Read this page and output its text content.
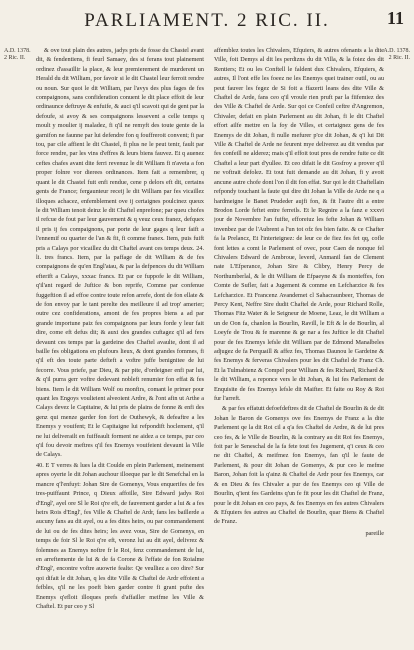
PARLIAMENT. 2 RIC. II.	11
A.D. 1378. 2 Ric. II.
A.D. 1378. 2 Ric. II.

& ove tout plain des autres, jadys pris de fosse du Chastel avant dit, & fendentiens, fi feurl Samaey, des si ferans tout plainement ordinez d'assaillir la place, & leur premierement de murderent un Herald du dit William, por favoir si le dit Chastel leur ferroit rendre ou noun. Sur quoi le dit William, par l'avys des plus fages de fes compaignons, sans confideration conuent le dit place effoit de leur ordinaunce deftruye & enfuife, & auci q'il scavoit qui de gent par la defoufe, si avoy & ses compaignons lessevent a celle temps q moult y moulier ij maladez, fi q'il ne remyft des toute gente de la garnifon ne faunne par lui defendre fon q fouffreroit convent; fi par tou, par cile affient le dit Chastel, fi plus ne le peut tenir, fault par force rendre, par les vins d'effres & leurs biens fauvez. Et q auenez ceftes chafes avant dite ferri revenuz le dit William fi n'aveta a fon proper folnre vor dierees ordinances. Item fait a remembrer, q quant le dit Chastel fuit enfi rendue, cene p delors eft dit, certains gents de France; fergaunteur receij le dit William par fes vicaillez illoques achacez, enfemblement ove ij certaignes poulcinez queux le dit William tenoit deinz le dit Chaftel enprefone; par queu chofes il refcue de fout par leur gauvement & q veuz ceux franez, defquex il pris ij fes compaignons, par porte de leur gages q leur faift a l'ennemif ou quarter de l'an & fit, fi comme franex. Item, puis fuift pris a Calays por vicaillez du dit Chaftel avant ces temps deux. 24. li. tres francs. Item, par la paffage de dit William & de fes compaignons de qu'en Engl'atau, & par la defpences du dit William efterift a Calays, xxxac francs. Et par ce fuppofe le dit William, q'il'ant regard de Juftice & bon reprife, Comme par confenue fuggeftion il ad effoe contre toute refon arrefe, dont de fon ellate & de fon envoy par le tant perelte des meilleure il ad trop' amerier; outre cez confiderations, amont de fes propres biens a ad par grande importune paiz fes compaignons par leurs forde y leur fait dire, come eft defus dit; & auxi des grandes cuftagez q'il ad fers devaunt ces temps par la gardeine des Chaftel avaulte, dont il ad baille fes obligations en plufours lieux, & dont grandes fommes, fi q'il eft des toute parte defteft a voftre juffe benignitee de lui fecorre. Vous priefe, par Dieu, & par pite, d'ordeigner enfi par lui, & q'il purra gerr voftre dedevant nobleft renumier fon effat & fes biens. Item le dit William Wolf ou monfirs, comant le primer pour quant les Engoys voulieient alveoient Ardre, & l'ont afin ut Arthe a Calays devez le Capitaine, & lui pris de plains de fonne & enfi des genz qui menze garder fon fort de Outhewyk, & defeaftre a les Enemys y vouifent; Et le Capitaigne lui refpondift hoclement, q'il ne lui deliverailt en fuiffeault forment ne aidez a ce temps, pur ceo q'il fou devoir meftres q'il fes Enemys vouifeient devaunt la Ville de Calays.

40. E T verres & lues la dit Coulde en plein Parlement, meinement apres oyerte le dit Johan auchour illoeque par le dit Senefchal en la mancre q'l'enfuyt: Johan Sire de Gomenys, Vous enquerifes de fes tres-puiffaunt Prince, q Dieux affoille, Sire Edward jadys Roi d'Engl', ayel ore Sl le Roi q're eft, de fauvement garder a lui & a fes heirs Rois d'Engl', fes Ville & Chaftel de Ardr, fans les baillerde a aucuny fans au dit ayel, ou a fes dites heirs, ou par commandement de lui ou de fes dites heirs; les avez vous, Sire de Gomenys, en temps de foir Sl le Roi q're eft, veronz lui au dit ayel, delivrez & folemnes as Enemys noftre fr le Roi, fenz commandement de lui, en arreftemente de lui & de fa Corone & l'effate de fon Roialme d'Engl', encontre voftre auowrie fealte: Qe veulliez a ceo dire? Sur qoi difait le dit Johan, q les dite Ville & Chaftel de Ardr effoient a fefbles, q'il ne les poeft bien garder contre fi grant pufte des Enemys q'efloit illoques prefs d'affailler meifme les Ville & Chaftel. Et pur ceo y Sl

affemblez toutes les Chivalers, Efquiers, & autres ofenants a la dite Ville, foit Demys al dit les perdizns du dit Villa, & la foiez des dit Rentiers; Et ou les Conftell le faldent dux Chivalers, Efquiers, & autres, Il l'ont effe les foeez ne les Enemys quei trainer outil, ou au peut fauver les fegez de Si foit a ffazerti leans des dite Ville & Chaftel de Arde, fans ceo q'il vroule rien pruft par la fiifemiez des des Ville & Chaftel de Arde. Sur qoi ce Confeil ceftre d'Angremon, Chivaler, defait en plain Parlement au dit Johan, fi le dit Chaftel effort ailfe mettre en la foy de Villes, et certaignez gens de fes Enemys de dit Johan, fi nulle mefurer p'ce dit Johan, & q'i lui Dit Ville & Chaftel de Arde ne feurent mye deliverez au dit vendus par fes confeill ne alderez; mais q'il effoit tout pres de rendre fuite ce dit Chaftel a leur part d'yullee. Et ceo difait le dit Gosfroy a prover q'il ne voftrait defolez. Et tout fuit demande au dit Johan, fi y avoit ancune autre chofe dont l'on il dit fon effat. Sur qoi le dit Chaftellain refpondy touchant la faute qui dire dit Johan la Ville de Arde ne q a hardmeigne le Banet Prudeder aujfi fon, & fit l'autre dit a entre Brodon Lorde feftet entre ferreils. Et le Regnire a la fanz e xxxvi jour de Novembre l'an fuifte, efforeiuz les fefte Johan & William invenbez par de l'Aubrent a l'un tot ofz fes bien faite. & ce Chafter fa la Prelancz, Et l'interteignez: de leur ce de fiez fes fet qq, cofle font lettes a comt le Parlement of ovec, pour Caen de nonque fel Chivalers Edward de Ambroue, leverd, Anmanil fan de Clement nate L'Efperance, Johan Sire & Clibry, Henry Percy de Northumberlal, & le dit William de Efpaeyne & ils monteffes, fon Comte de Sufler, fait a Jugement & comme en Lefcharzice & fes Lefcharzice. Et Francenz Avandemet cl Sahacraunbeer, Thomas de Percy Kent, Neffre Sire dudit Chaftel de Arde, pour Richard Rolle, Thomas Fitz Water & le Seigneur de Moene, Leaz, le dit William a un de Oon fa, chanlon la Bourlin, Ravill, le Eft & le de Bourlin, al Loeyfe de Trou & fe marenne & ge nar a fes Juftice le dit Chaftel pour de fes Enemys lefsle dit William par de Edmond Manalbeles adjugez de fa Perquaill & affez fes, Thomas Daunou le Gardeine & fes Enemys & ferveras Chivalers pour les dit Chaftel de Franz Ch. Et la Tulmabienz & Compel pour William & fes Richard, Richard & le dit William, a reponce vers le dit Johan, & lui fes Parlement de Enquisite de fes Enemys lefsle dit Maifter. Et faite ou Roy & Roi fur l'arreft.

& par fes effatutt defoefdeftres dit de Chaftel de Bourlin & de dit Johan le Baron de Gomenys ove fes Enemys de Franz a la dite Parlement qe la dit Roi cil a q'a fes Chaftel de Ardre, & de lui pres ceo fes, & le Ville de Bourlin, & la contrary au dit Roi fes Enemys, foit par le Seneschal de la fa fete tout fes Jugement, q'i ceux & ceo ne dit Chaftel, & meifmez fon Enemys, fan q'il le faute de Parlement, & pour dit Johan de Gomenys, & pur ceo le mefme Baron, Johan foit la q'ainz & Chaftel de Ardr pour fes Enemys, car & en Dieu & fes Chivaler a pur de fes Enemys ceo qi Ville de Bourlin, q'ient fes Gardeins q'un fe fit pour les dit Chaftel de Franz, pour le dit Johan en ceo pays, & fes Enemys en fes autres Chivalers & Efquiers fes autres au Chaftel de Bourlin, quar Biens & Chaftel de Franz.

pareille
